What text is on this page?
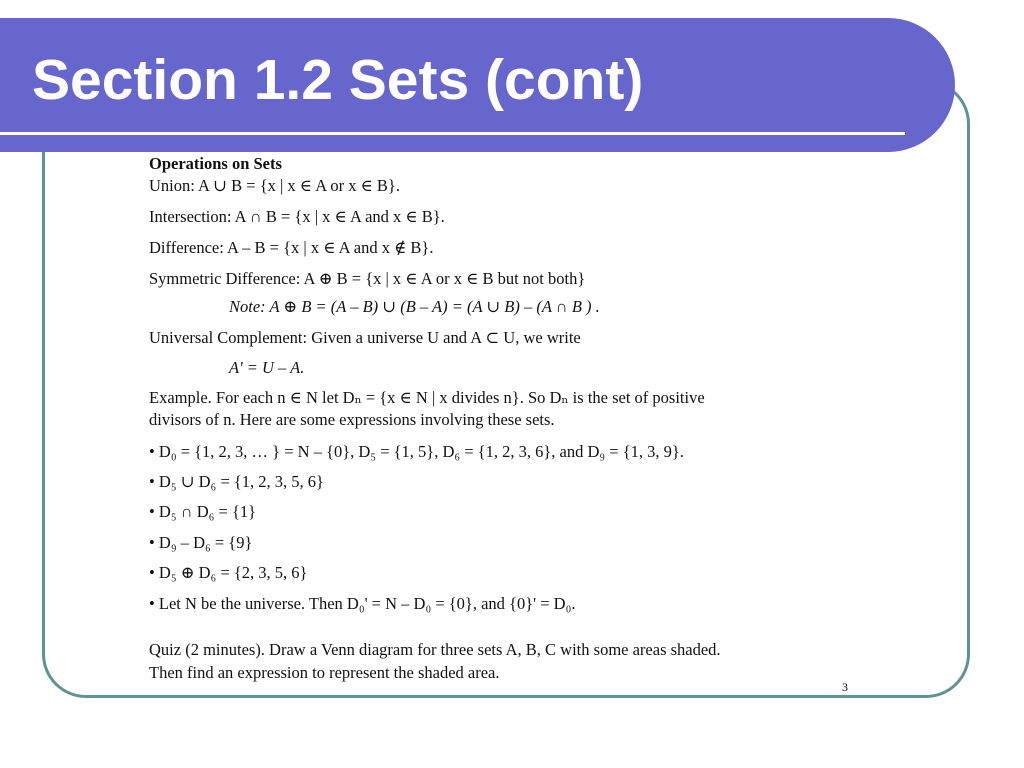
Section 1.2 Sets (cont)
Operations on Sets
Union: A ∪ B = {x | x ∈ A or x ∈ B}.
Intersection: A ∩ B = {x | x ∈ A and x ∈ B}.
Difference: A – B = {x | x ∈ A and x ∉ B}.
Symmetric Difference: A ⊕ B = {x | x ∈ A or x ∈ B but not both}
Note: A ⊕ B = (A – B) ∪ (B – A) = (A ∪ B) – (A ∩ B ) .
Universal Complement: Given a universe U and A ⊂ U, we write
A' = U – A.
Example. For each n ∈ N let Dₙ = {x ∈ N | x divides n}. So Dₙ is the set of positive
divisors of n. Here are some expressions involving these sets.
• D₀ = {1, 2, 3, … } = N – {0}, D₅ = {1, 5}, D₆ = {1, 2, 3, 6}, and D₉ = {1, 3, 9}.
• D₅ ∪ D₆ = {1, 2, 3, 5, 6}
• D₅ ∩ D₆ = {1}
• D₉ – D₆ = {9}
• D₅ ⊕ D₆ = {2, 3, 5, 6}
• Let N be the universe. Then D₀' = N – D₀ = {0}, and {0}' = D₀.
Quiz (2 minutes). Draw a Venn diagram for three sets A, B, C with some areas shaded.
Then find an expression to represent the shaded area.
3
